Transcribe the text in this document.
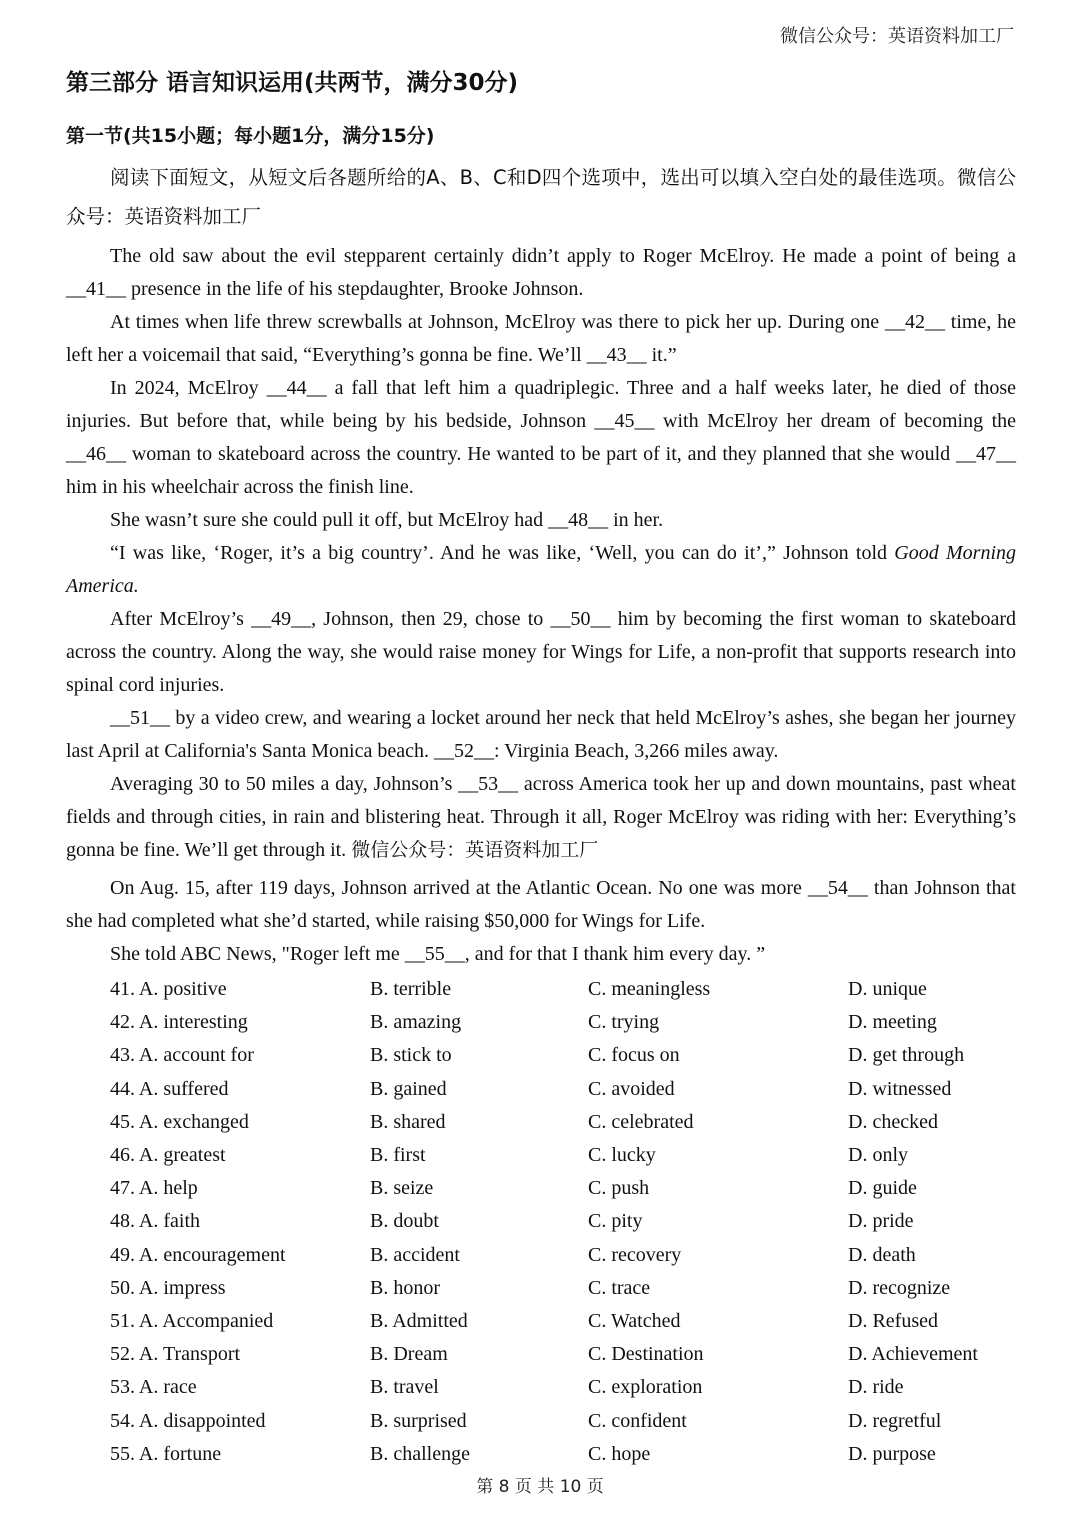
微信公众号：英语资料加工厂
第三部分 语言知识运用(共两节，满分30分)
第一节(共15小题；每小题1分，满分15分)
阅读下面短文，从短文后各题所给的A、B、C和D四个选项中，选出可以填入空白处的最佳选项。微信公众号：英语资料加工厂

The old saw about the evil stepparent certainly didn’t apply to Roger McElroy. He made a point of being a __41__ presence in the life of his stepdaughter, Brooke Johnson.

At times when life threw screwballs at Johnson, McElroy was there to pick her up. During one __42__ time, he left her a voicemail that said, “Everything’s gonna be fine. We’ll __43__ it.”

In 2024, McElroy __44__ a fall that left him a quadriplegic. Three and a half weeks later, he died of those injuries. But before that, while being by his bedside, Johnson __45__ with McElroy her dream of becoming the __46__ woman to skateboard across the country. He wanted to be part of it, and they planned that she would __47__ him in his wheelchair across the finish line.

She wasn’t sure she could pull it off, but McElroy had __48__ in her.

“I was like, ‘Roger, it’s a big country’. And he was like, ‘Well, you can do it’,” Johnson told Good Morning America.

After McElroy’s __49__, Johnson, then 29, chose to __50__ him by becoming the first woman to skateboard across the country. Along the way, she would raise money for Wings for Life, a non-profit that supports research into spinal cord injuries.

__51__ by a video crew, and wearing a locket around her neck that held McElroy’s ashes, she began her journey last April at California's Santa Monica beach. __52__: Virginia Beach, 3,266 miles away.

Averaging 30 to 50 miles a day, Johnson’s __53__ across America took her up and down mountains, past wheat fields and through cities, in rain and blistering heat. Through it all, Roger McElroy was riding with her: Everything’s gonna be fine. We’ll get through it. 微信公众号：英语资料加工厂

On Aug. 15, after 119 days, Johnson arrived at the Atlantic Ocean. No one was more __54__ than Johnson that she had completed what she’d started, while raising $50,000 for Wings for Life.

She told ABC News, "Roger left me __55__, and for that I thank him every day. ”

41. A. positive	B. terrible	C. meaningless	D. unique
42. A. interesting	B. amazing	C. trying	D. meeting
43. A. account for	B. stick to	C. focus on	D. get through
44. A. suffered	B. gained	C. avoided	D. witnessed
45. A. exchanged	B. shared	C. celebrated	D. checked
46. A. greatest	B. first	C. lucky	D. only
47. A. help	B. seize	C. push	D. guide
48. A. faith	B. doubt	C. pity	D. pride
49. A. encouragement	B. accident	C. recovery	D. death
50. A. impress	B. honor	C. trace	D. recognize
51. A. Accompanied	B. Admitted	C. Watched	D. Refused
52. A. Transport	B. Dream	C. Destination	D. Achievement
53. A. race	B. travel	C. exploration	D. ride
54. A. disappointed	B. surprised	C. confident	D. regretful
55. A. fortune	B. challenge	C. hope	D. purpose
第 8 页 共 10 页
